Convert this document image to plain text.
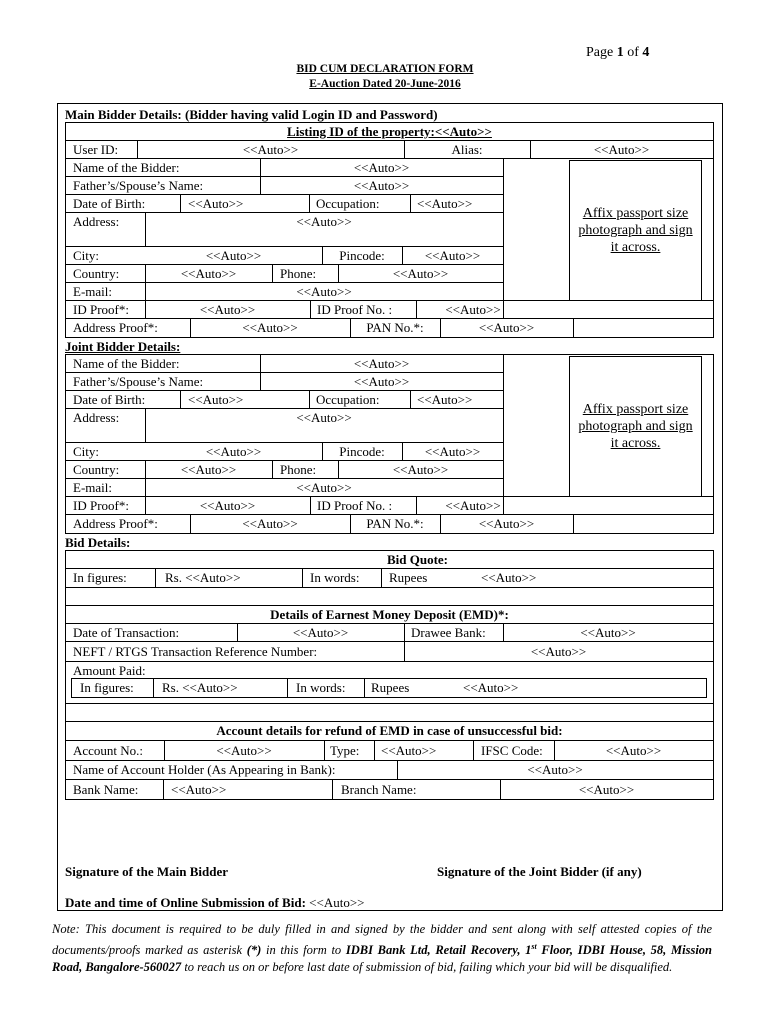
Page 1 of 4
BID CUM DECLARATION FORM
E-Auction Dated 20-June-2016
Main Bidder Details: (Bidder having valid Login ID and Password)
Listing ID of the property:<<Auto>>
User ID:	<<Auto>>	Alias:	<<Auto>>
Name of the Bidder:	<<Auto>>
Father’s/Spouse’s Name:	<<Auto>>
Date of Birth:	<<Auto>>	Occupation:	<<Auto>>
Address:	<<Auto>>
City:	<<Auto>>	Pincode:	<<Auto>>
Country:	<<Auto>>	Phone:	<<Auto>>
E-mail:	<<Auto>>
ID Proof*:	<<Auto>>	ID Proof No. :	<<Auto>>
Address Proof*:	<<Auto>>	PAN No.*:	<<Auto>>
Affix passport size photograph and sign it across.
Joint Bidder Details:
Name of the Bidder:	<<Auto>>
Father’s/Spouse’s Name:	<<Auto>>
Date of Birth:	<<Auto>>	Occupation:	<<Auto>>
Address:	<<Auto>>
City:	<<Auto>>	Pincode:	<<Auto>>
Country:	<<Auto>>	Phone:	<<Auto>>
E-mail:	<<Auto>>
ID Proof*:	<<Auto>>	ID Proof No. :	<<Auto>>
Address Proof*:	<<Auto>>	PAN No.*:	<<Auto>>
Affix passport size photograph and sign it across.
Bid Details:
Bid Quote:
In figures:	Rs. <<Auto>>	In words: Rupees	<<Auto>>
Details of Earnest Money Deposit (EMD)*:
Date of Transaction:	<<Auto>>	Drawee Bank:	<<Auto>>
NEFT / RTGS Transaction Reference Number:	<<Auto>>
Amount Paid:
In figures: Rs. <<Auto>>	In words: Rupees	<<Auto>>
Account details for refund of EMD in case of unsuccessful bid:
Account No.:	<<Auto>>	Type: <<Auto>>	IFSC Code:	<<Auto>>
Name of Account Holder (As Appearing in Bank):	<<Auto>>
Bank Name:	<<Auto>>	Branch Name:	<<Auto>>
Signature of the Main Bidder	Signature of the Joint Bidder (if any)
Date and time of Online Submission of Bid: <<Auto>>
Note: This document is required to be duly filled in and signed by the bidder and sent along with self attested copies of the documents/proofs marked as asterisk (*) in this form to IDBI Bank Ltd, Retail Recovery, 1st Floor, IDBI House, 58, Mission Road, Bangalore-560027 to reach us on or before last date of submission of bid, failing which your bid will be disqualified.
